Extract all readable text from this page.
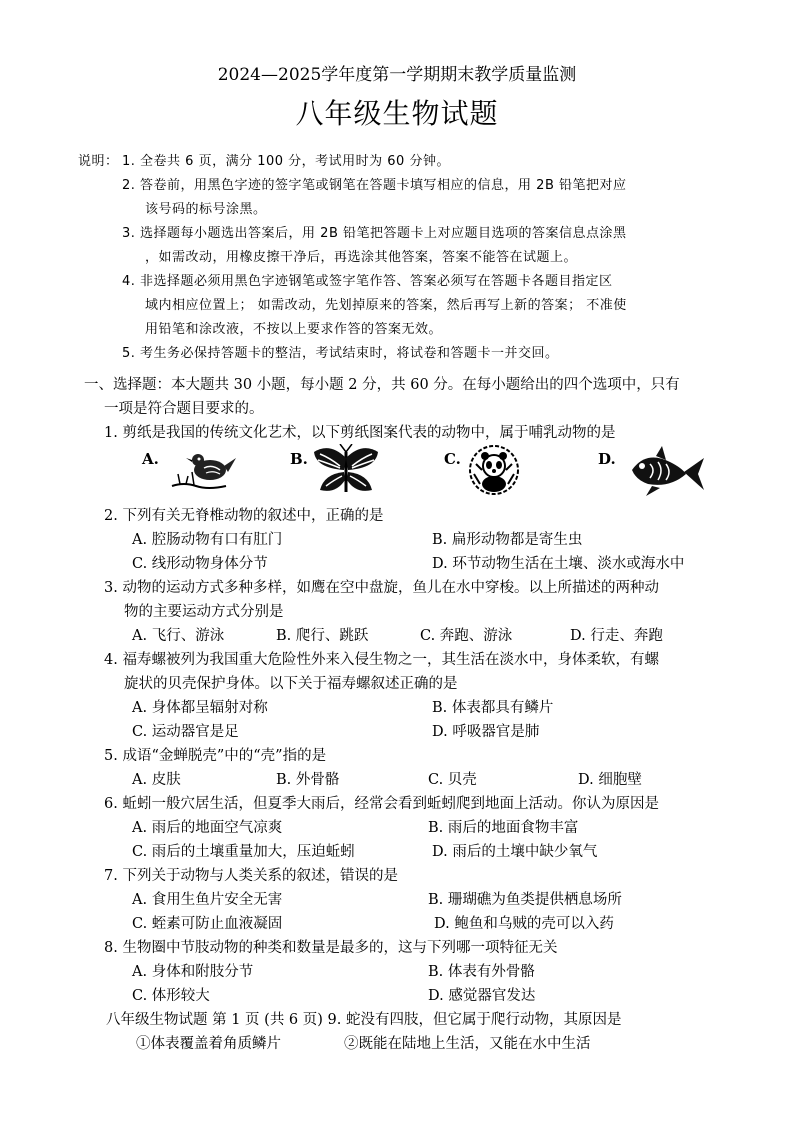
2024—2025学年度第一学期期末教学质量监测
八年级生物试题
说明： 1. 全卷共 6 页，满分 100 分，考试用时为 60 分钟。
2. 答卷前，用黑色字迹的签字笔或钢笔在答题卡填写相应的信息，用 2B 铅笔把对应
该号码的标号涂黑。
3. 选择题每小题选出答案后，用 2B 铅笔把答题卡上对应题目选项的答案信息点涂黑
，如需改动，用橡皮擦干净后，再选涂其他答案，答案不能答在试题上。
4. 非选择题必须用黑色字迹钢笔或签字笔作答、答案必须写在答题卡各题目指定区
域内相应位置上； 如需改动，先划掉原来的答案，然后再写上新的答案； 不准使
用铅笔和涂改液，不按以上要求作答的答案无效。
5. 考生务必保持答题卡的整洁，考试结束时，将试卷和答题卡一并交回。
一、选择题：本大题共 30 小题，每小题 2 分，共 60 分。在每小题给出的四个选项中，只有
一项是符合题目要求的。
1. 剪纸是我国的传统文化艺术，以下剪纸图案代表的动物中，属于哺乳动物的是
A.	B.	C.	D.
2. 下列有关无脊椎动物的叙述中，正确的是
A. 腔肠动物有口有肛门	B. 扁形动物都是寄生虫
C. 线形动物身体分节	D. 环节动物生活在土壤、淡水或海水中
3. 动物的运动方式多种多样，如鹰在空中盘旋，鱼儿在水中穿梭。以上所描述的两种动
物的主要运动方式分别是
A. 飞行、游泳	B. 爬行、跳跃	C. 奔跑、游泳	D. 行走、奔跑
4. 福寿螺被列为我国重大危险性外来入侵生物之一，其生活在淡水中，身体柔软，有螺
旋状的贝壳保护身体。以下关于福寿螺叙述正确的是
A. 身体都呈辐射对称	B. 体表都具有鳞片
C. 运动器官是足	D. 呼吸器官是肺
5. 成语“金蝉脱壳”中的“壳”指的是
A. 皮肤	B. 外骨骼	C. 贝壳	D. 细胞壁
6. 蚯蚓一般穴居生活，但夏季大雨后，经常会看到蚯蚓爬到地面上活动。你认为原因是
A. 雨后的地面空气凉爽	B. 雨后的地面食物丰富
C. 雨后的土壤重量加大，压迫蚯蚓	D. 雨后的土壤中缺少氧气
7. 下列关于动物与人类关系的叙述，错误的是
A. 食用生鱼片安全无害	B. 珊瑚礁为鱼类提供栖息场所
C. 蛭素可防止血液凝固	D. 鲍鱼和乌贼的壳可以入药
8. 生物圈中节肢动物的种类和数量是最多的，这与下列哪一项特征无关
A. 身体和附肢分节	B. 体表有外骨骼
C. 体形较大	D. 感觉器官发达
八年级生物试题 第 1 页 (共 6 页) 9. 蛇没有四肢，但它属于爬行动物，其原因是
①体表覆盖着角质鳞片	②既能在陆地上生活，又能在水中生活
